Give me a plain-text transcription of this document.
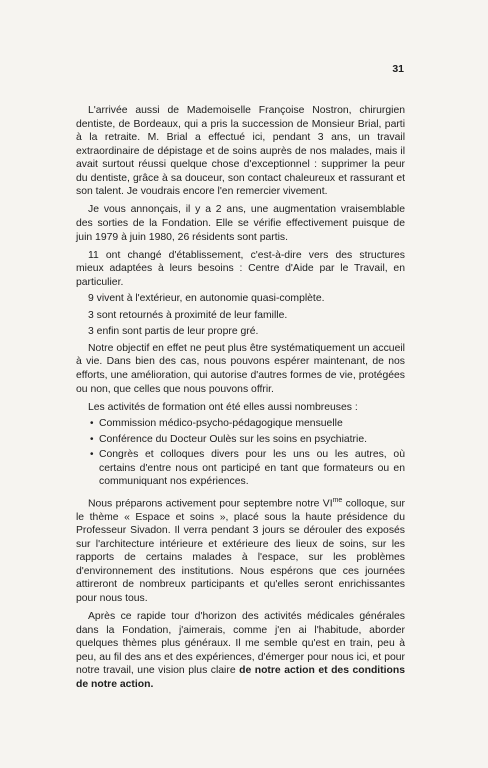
31

L'arrivée aussi de Mademoiselle Françoise Nostron, chirurgien dentiste, de Bordeaux, qui a pris la succession de Monsieur Brial, parti à la retraite. M. Brial a effectué ici, pendant 3 ans, un travail extraordinaire de dépistage et de soins auprès de nos malades, mais il avait surtout réussi quelque chose d'exceptionnel : supprimer la peur du dentiste, grâce à sa douceur, son contact chaleureux et rassurant et son talent. Je voudrais encore l'en remercier vivement.

Je vous annonçais, il y a 2 ans, une augmentation vraisemblable des sorties de la Fondation. Elle se vérifie effectivement puisque de juin 1979 à juin 1980, 26 résidents sont partis.

11 ont changé d'établissement, c'est-à-dire vers des structures mieux adaptées à leurs besoins : Centre d'Aide par le Travail, en particulier.

9 vivent à l'extérieur, en autonomie quasi-complète.

3 sont retournés à proximité de leur famille.

3 enfin sont partis de leur propre gré.

Notre objectif en effet ne peut plus être systématiquement un accueil à vie. Dans bien des cas, nous pouvons espérer maintenant, de nos efforts, une amélioration, qui autorise d'autres formes de vie, protégées ou non, que celles que nous pouvons offrir.

Les activités de formation ont été elles aussi nombreuses :

• Commission médico-psycho-pédagogique mensuelle
• Conférence du Docteur Oulès sur les soins en psychiatrie.
• Congrès et colloques divers pour les uns ou les autres, où certains d'entre nous ont participé en tant que formateurs ou en communiquant nos expériences.

Nous préparons activement pour septembre notre $VI^{me}$ colloque, sur le thème « Espace et soins », placé sous la haute présidence du Professeur Sivadon. Il verra pendant 3 jours se dérouler des exposés sur l'architecture intérieure et extérieure des lieux de soins, sur les rapports de certains malades à l'espace, sur les problèmes d'environnement des institutions. Nous espérons que ces journées attireront de nombreux participants et qu'elles seront enrichissantes pour nous tous.

Après ce rapide tour d'horizon des activités médicales générales dans la Fondation, j'aimerais, comme j'en ai l'habitude, aborder quelques thèmes plus généraux. Il me semble qu'est en train, peu à peu, au fil des ans et des expériences, d'émerger pour nous ici, et pour notre travail, une vision plus claire de notre action et des conditions de notre action.
